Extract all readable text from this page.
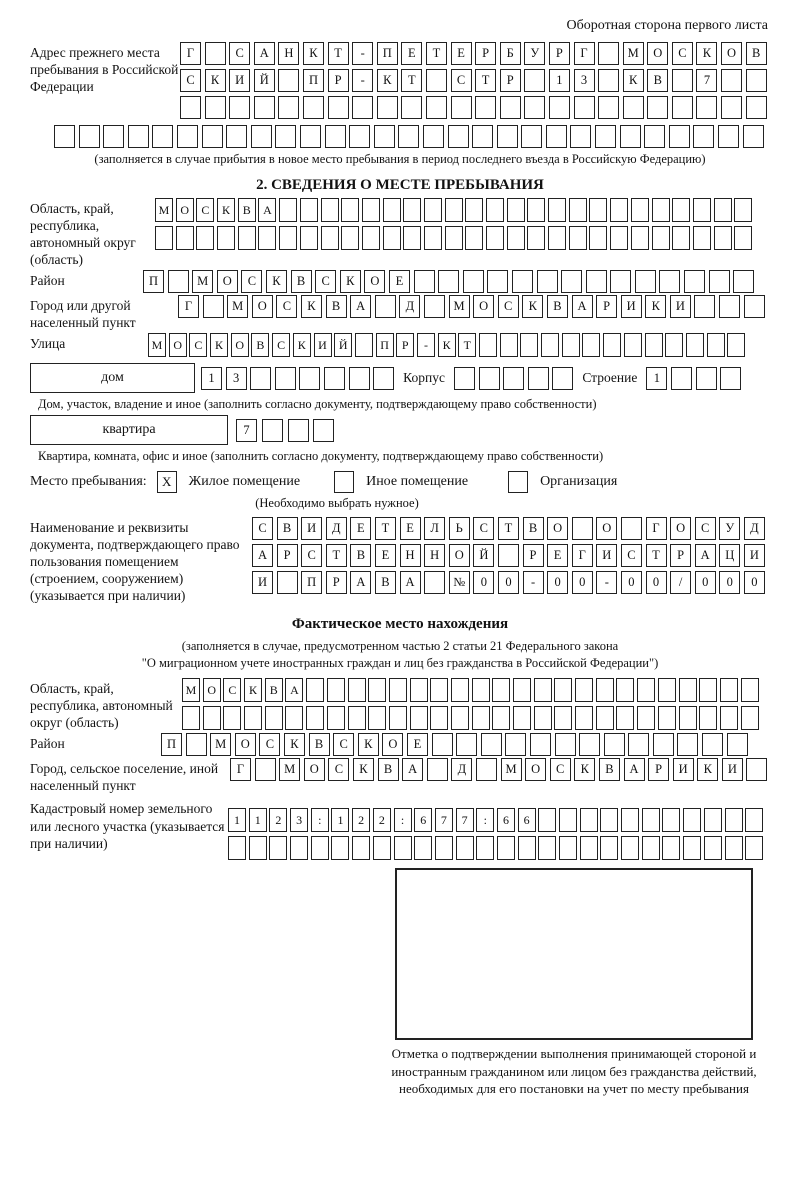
Оборотная сторона первого листа
Адрес прежнего места пребывания в Российской Федерации
Г	С	А	Н	К	Т	-	П	Е	Т	Е	Р	Б	У	Р	Г	М	О	С	К	О	В
С	К	И	Й	П	Р	-	К	Т	С	Т	Р	1	3	К	В	7
(заполняется в случае прибытия в новое место пребывания в период последнего въезда в Российскую Федерацию)
2. СВЕДЕНИЯ О МЕСТЕ ПРЕБЫВАНИЯ
Область, край, республика, автономный округ (область)
М О	С	К	В	А
Район	П	М	О	С	К	В	С	К	О	Е
Город или другой населенный пункт
Г	М	О	С	К	В	А	Д	М	О	С	К	В	А	Р	И	К	И
Улица	М О	С	К	О	В	С	К	И	Й	П	Р	-	К	Т
дом	1	3	Корпус	Строение	1
Дом, участок, владение и иное (заполнить согласно документу, подтверждающему право собственности)
квартира	7
Квартира, комната, офис и иное (заполнить согласно документу, подтверждающему право собственности)
Место пребывания:	X	Жилое помещение	Иное помещение	Организация
(Необходимо выбрать нужное)
Наименование и реквизиты документа, подтверждающего право пользования помещением (строением, сооружением) (указывается при наличии)
С	В	И	Д	Е	Т	Е	Л	Ь	С	Т	В	О	О	Г	О	С	У	Д
А	Р	С	Т	В	Е	Н	Н	О	Й	Р	Е	Г	И	С	Т	Р	А	Ц	И
И	П	Р	А	В	А	№	0	0	-	0	0	-	0	0	/	0	0	0
Фактическое место нахождения
(заполняется в случае, предусмотренном частью 2 статьи 21 Федерального закона
"О миграционном учете иностранных граждан и лиц без гражданства в Российской Федерации")
Область, край, республика, автономный округ (область)
М О	С	К	В	А
Район	П	М	О	С	К	В	С	К	О	Е
Город, сельское поселение, иной населенный пункт
Г	М	О	С	К	В	А	Д	М	О	С	К	В	А	Р	И	К	И
Кадастровый номер земельного или лесного участка (указывается при наличии)
1	1	2	3	:	1	2	2	:	6	7	7	:	6	6
Отметка о подтверждении выполнения принимающей стороной и иностранным гражданином или лицом без гражданства действий, необходимых для его постановки на учет по месту пребывания
